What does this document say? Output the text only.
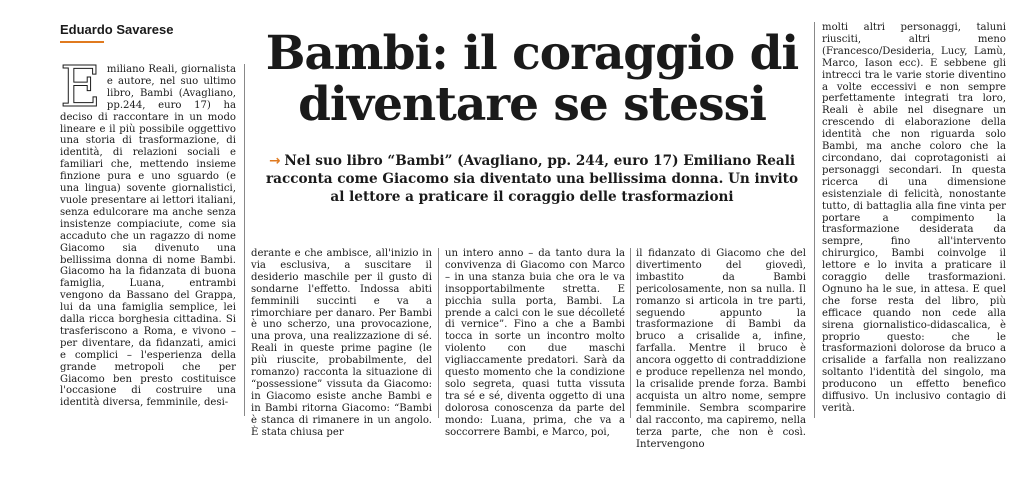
Eduardo Savarese
E miliano Reali, giornalista e autore, nel suo ultimo libro, Bambi (Avagliano, pp.244, euro 17) ha deciso di raccontare in un modo lineare e il più possibile oggettivo una storia di trasformazione, di identità, di relazioni sociali e familiari che, mettendo insieme finzione pura e uno sguardo (e una lingua) sovente giornalistici, vuole presentare ai lettori italiani, senza edulcorare ma anche senza insistenze compiaciute, come sia accaduto che un ragazzo di nome Giacomo sia divenuto una bellissima donna di nome Bambi. Giacomo ha la fidanzata di buona famiglia, Luana, entrambi vengono da Bassano del Grappa, lui da una famiglia semplice, lei dalla ricca borghesia cittadina. Si trasferiscono a Roma, e vivono – per diventare, da fidanzati, amici e complici – l'esperienza della grande metropoli che per Giacomo ben presto costituisce l'occasione di costruire una identità diversa, femminile, desi-
Bambi: il coraggio di diventare se stessi
→ Nel suo libro “Bambi” (Avagliano, pp. 244, euro 17) Emiliano Reali racconta come Giacomo sia diventato una bellissima donna. Un invito al lettore a praticare il coraggio delle trasformazioni
derante e che ambisce, all'inizio in via esclusiva, a suscitare il desiderio maschile per il gusto di sondarne l'effetto. Indossa abiti femminili succinti e va a rimorchiare per danaro. Per Bambi è uno scherzo, una provocazione, una prova, una realizzazione di sé. Reali in queste prime pagine (le più riuscite, probabilmente, del romanzo) racconta la situazione di “possessione” vissuta da Giacomo: in Giacomo esiste anche Bambi e in Bambi ritorna Giacomo: “Bambi è stanca di rimanere in un angolo. È stata chiusa per
un intero anno – da tanto dura la convivenza di Giacomo con Marco – in una stanza buia che ora le va insopportabilmente stretta. E picchia sulla porta, Bambi. La prende a calci con le sue décolleté di vernice”. Fino a che a Bambi tocca in sorte un incontro molto violento con due maschi vigliaccamente predatori. Sarà da questo momento che la condizione solo segreta, quasi tutta vissuta tra sé e sé, diventa oggetto di una dolorosa conoscenza da parte del mondo: Luana, prima, che va a soccorrere Bambi, e Marco, poi,
il fidanzato di Giacomo che del divertimento del giovedì, imbastito da Bambi pericolosamente, non sa nulla. Il romanzo si articola in tre parti, seguendo appunto la trasformazione di Bambi da bruco a crisalide a, infine, farfalla. Mentre il bruco è ancora oggetto di contraddizione e produce repellenza nel mondo, la crisalide prende forza. Bambi acquista un altro nome, sempre femminile. Sembra scomparire dal racconto, ma capiremo, nella terza parte, che non è così. Intervengono
molti altri personaggi, taluni riusciti, altri meno (Francesco/Desideria, Lucy, Lamù, Marco, Iason ecc). E sebbene gli intrecci tra le varie storie diventino a volte eccessivi e non sempre perfettamente integrati tra loro, Reali è abile nel disegnare un crescendo di elaborazione della identità che non riguarda solo Bambi, ma anche coloro che la circondano, dai coprotagonisti ai personaggi secondari. In questa ricerca di una dimensione esistenziale di felicità, nonostante tutto, di battaglia alla fine vinta per portare a compimento la trasformazione desiderata da sempre, fino all'intervento chirurgico, Bambi coinvolge il lettore e lo invita a praticare il coraggio delle trasformazioni. Ognuno ha le sue, in attesa. E quel che forse resta del libro, più efficace quando non cede alla sirena giornalistico-didascalica, è proprio questo: che le trasformazioni dolorose da bruco a crisalide a farfalla non realizzano soltanto l'identità del singolo, ma producono un effetto benefico diffusivo. Un inclusivo contagio di verità.
